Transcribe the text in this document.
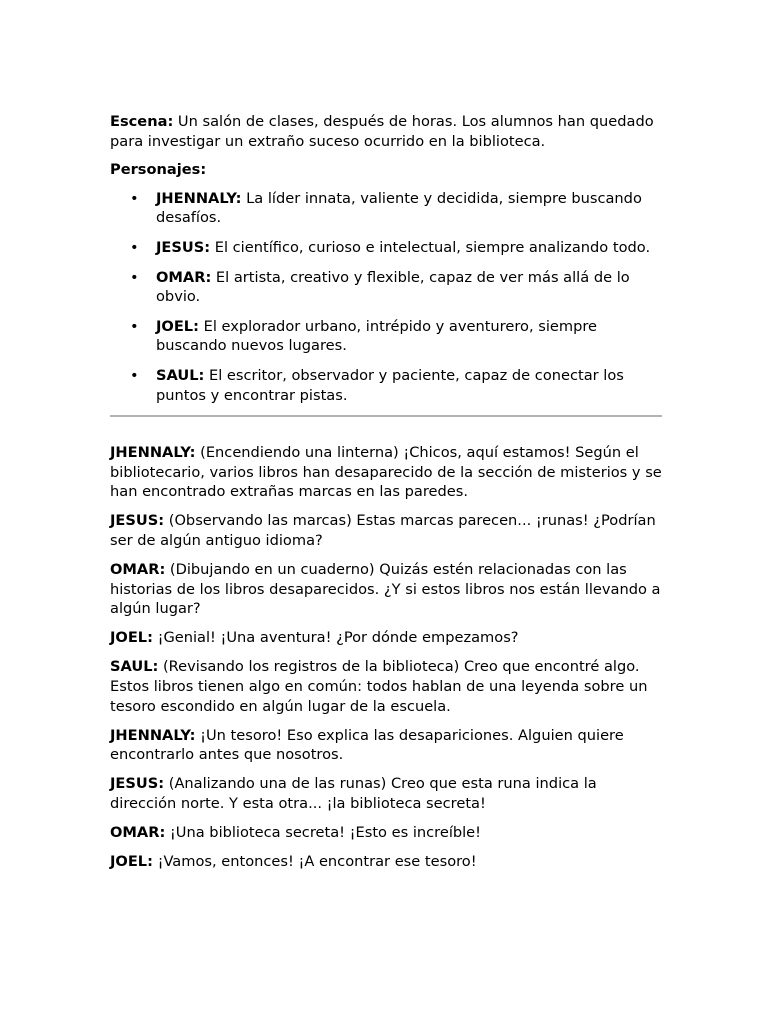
Escena: Un salón de clases, después de horas. Los alumnos han quedado para investigar un extraño suceso ocurrido en la biblioteca.

Personajes:

• JHENNALY: La líder innata, valiente y decidida, siempre buscando desafíos.
• JESUS: El científico, curioso e intelectual, siempre analizando todo.
• OMAR: El artista, creativo y flexible, capaz de ver más allá de lo obvio.
• JOEL: El explorador urbano, intrépido y aventurero, siempre buscando nuevos lugares.
• SAUL: El escritor, observador y paciente, capaz de conectar los puntos y encontrar pistas.

JHENNALY: (Encendiendo una linterna) ¡Chicos, aquí estamos! Según el bibliotecario, varios libros han desaparecido de la sección de misterios y se han encontrado extrañas marcas en las paredes.

JESUS: (Observando las marcas) Estas marcas parecen... ¡runas! ¿Podrían ser de algún antiguo idioma?

OMAR: (Dibujando en un cuaderno) Quizás estén relacionadas con las historias de los libros desaparecidos. ¿Y si estos libros nos están llevando a algún lugar?

JOEL: ¡Genial! ¡Una aventura! ¿Por dónde empezamos?

SAUL: (Revisando los registros de la biblioteca) Creo que encontré algo. Estos libros tienen algo en común: todos hablan de una leyenda sobre un tesoro escondido en algún lugar de la escuela.

JHENNALY: ¡Un tesoro! Eso explica las desapariciones. Alguien quiere encontrarlo antes que nosotros.

JESUS: (Analizando una de las runas) Creo que esta runa indica la dirección norte. Y esta otra... ¡la biblioteca secreta!

OMAR: ¡Una biblioteca secreta! ¡Esto es increíble!

JOEL: ¡Vamos, entonces! ¡A encontrar ese tesoro!
